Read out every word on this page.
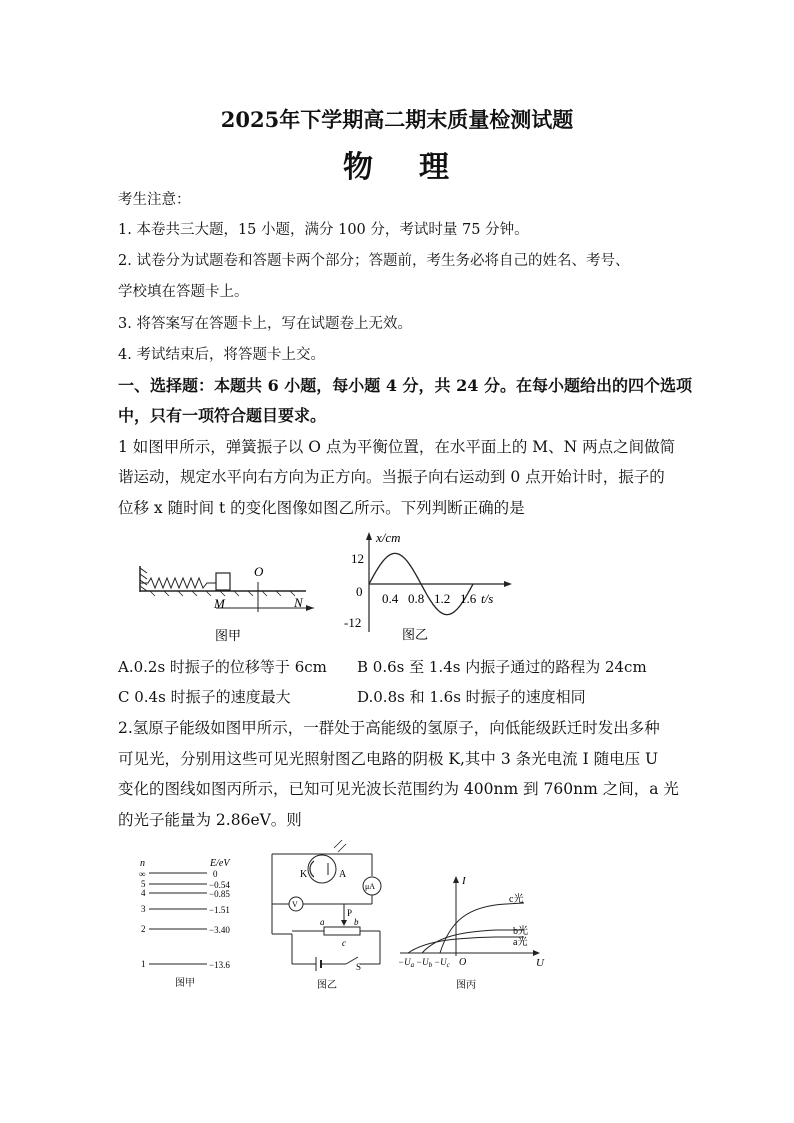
2025年下学期高二期末质量检测试题
物 理
考生注意：
1. 本卷共三大题，15 小题，满分 100 分，考试时量 75 分钟。
2. 试卷分为试题卷和答题卡两个部分；答题前，考生务必将自己的姓名、考号、
学校填在答题卡上。
3. 将答案写在答题卡上，写在试题卷上无效。
4. 考试结束后，将答题卡上交。
一、选择题：本题共 6 小题，每小题 4 分，共 24 分。在每小题给出的四个选项
中，只有一项符合题目要求。
1 如图甲所示，弹簧振子以 O 点为平衡位置，在水平面上的 M、N 两点之间做简
谐运动，规定水平向右方向为正方向。当振子向右运动到 0 点开始计时，振子的
位移 x 随时间 t 的变化图像如图乙所示。下列判断正确的是
O
M	N
图甲
x/cm
12
0
-12
0.4 0.8 1.2 1.6 t/s
图乙
A.0.2s 时振子的位移等于 6cm B 0.6s 至 1.4s 内振子通过的路程为 24cm
C 0.4s 时振子的速度最大	D.0.8s 和 1.6s 时振子的速度相同
2.氢原子能级如图甲所示，一群处于高能级的氢原子，向低能级跃迁时发出多种
可见光，分别用这些可见光照射图乙电路的阴极 K,其中 3 条光电流 I 随电压 U
变化的图线如图丙所示，已知可见光波长范围约为 400nm 到 760nm 之间，a 光
的光子能量为 2.86eV。则
n	E/eV
∞	0
5	−0.54
4	−0.85
3	−1.51
2	−3.40
1	−13.6
图甲
μA
K	A
V
P
a	b
c
S
图乙
I
U
O
c光
b光
a光
$-U_a -U_b -U_c$
图丙
